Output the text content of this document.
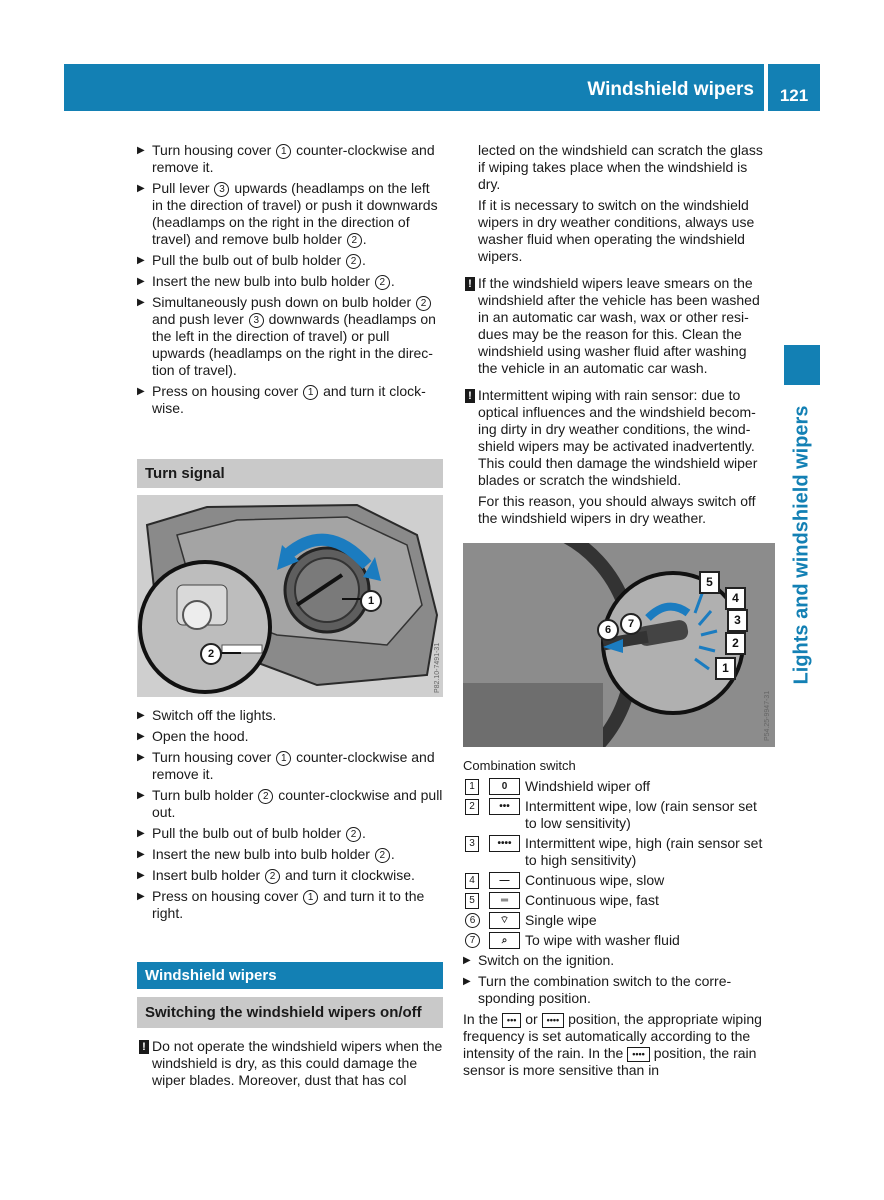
Windshield wipers	121
Lights and windshield wipers
▶ Turn housing cover 1 counter-clockwise and remove it.
▶ Pull lever 3 upwards (headlamps on the left in the direction of travel) or push it downwards (headlamps on the right in the direction of travel) and remove bulb holder 2 .
▶ Pull the bulb out of bulb holder 2 .
▶ Insert the new bulb into bulb holder 2 .
▶ Simultaneously push down on bulb holder 2 and push lever 3 downwards (headlamps on the left in the direction of travel) or pull upwards (headlamps on the right in the direction of travel).
▶ Press on housing cover 1 and turn it clockwise.
Turn signal
1
2	P82.10-7491-31
▶ Switch off the lights.
▶ Open the hood.
▶ Turn housing cover 1 counter-clockwise and remove it.
▶ Turn bulb holder 2 counter-clockwise and pull out.
▶ Pull the bulb out of bulb holder 2 .
▶ Insert the new bulb into bulb holder 2 .
▶ Insert bulb holder 2 and turn it clockwise.
▶ Press on housing cover 1 and turn it to the right.
Windshield wipers
Switching the windshield wipers on/off
! Do not operate the windshield wipers when the windshield is dry, as this could damage the wiper blades. Moreover, dust that has col
lected on the windshield can scratch the glass if wiping takes place when the windshield is dry.
If it is necessary to switch on the windshield wipers in dry weather conditions, always use washer fluid when operating the windshield wipers.
! If the windshield wipers leave smears on the windshield after the vehicle has been washed in an automatic car wash, wax or other residues may be the reason for this. Clean the windshield using washer fluid after washing the vehicle in an automatic car wash.
! Intermittent wiping with rain sensor: due to optical influences and the windshield becoming dirty in dry weather conditions, the windshield wipers may be activated inadvertently. This could then damage the windshield wiper blades or scratch the windshield.
For this reason, you should always switch off the windshield wipers in dry weather.
5
4
3
2
1
6	7
P54.25-9947-31
Combination switch
1	0	Windshield wiper off
2	•••	Intermittent wipe, low (rain sensor set to low sensitivity)
3	•••• Intermittent wipe, high (rain sensor set to high sensitivity)
4	—	Continuous wipe, slow
5	═	Continuous wipe, fast
6	⌔	Single wipe
7	⌕	To wipe with washer fluid
▶ Switch on the ignition.
▶ Turn the combination switch to the corresponding position.
In the ••• or •••• position, the appropriate wiping frequency is set automatically according to the intensity of the rain. In the •••• position, the rain sensor is more sensitive than in
